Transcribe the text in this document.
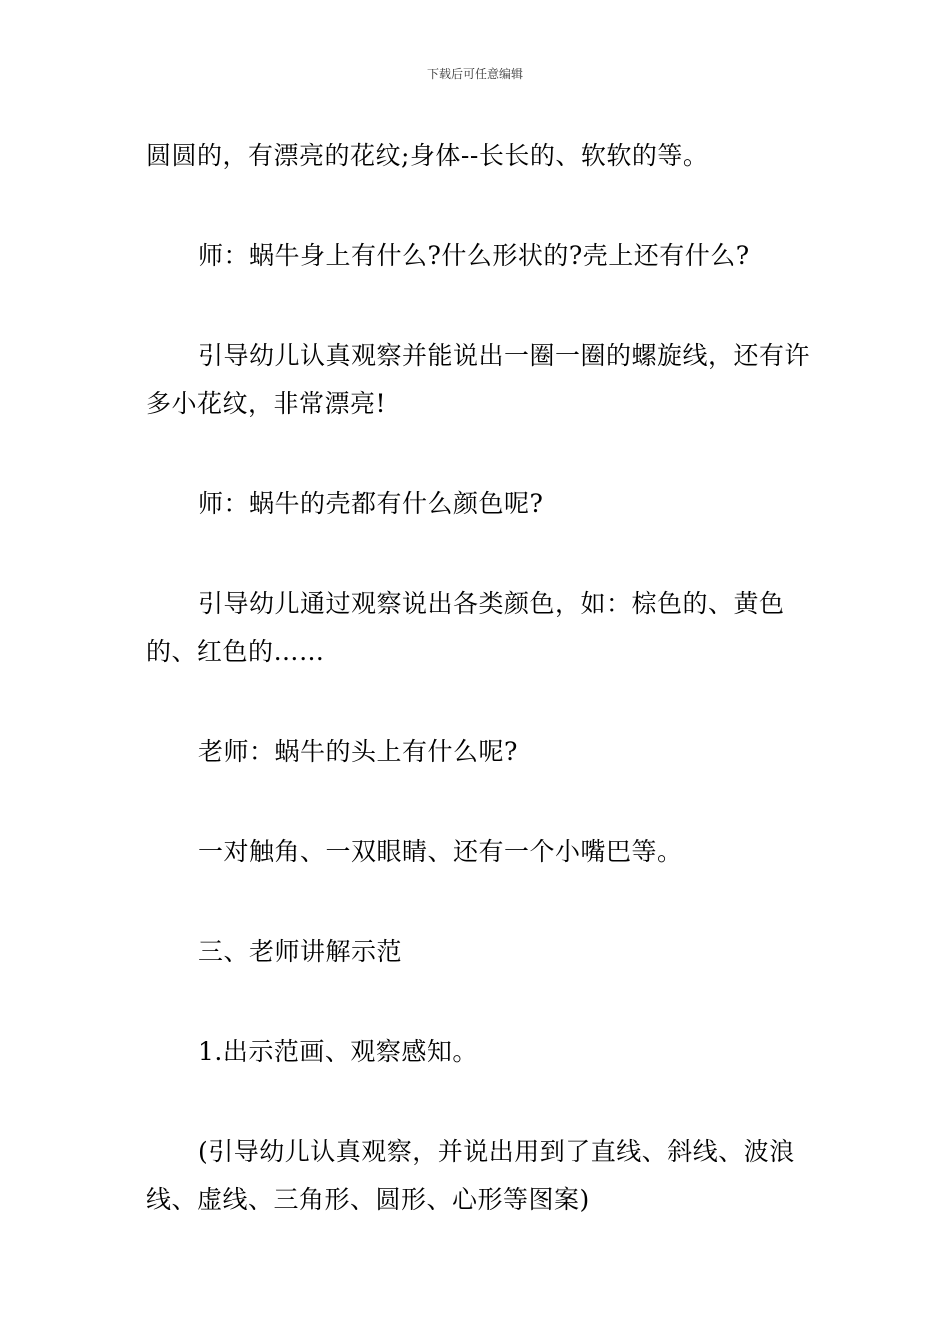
下载后可任意编辑

圆圆的，有漂亮的花纹;身体--长长的、软软的等。

师：蜗牛身上有什么?什么形状的?壳上还有什么?

引导幼儿认真观察并能说出一圈一圈的螺旋线，还有许多小花纹，非常漂亮!

师：蜗牛的壳都有什么颜色呢?

引导幼儿通过观察说出各类颜色，如：棕色的、黄色的、红色的……

老师：蜗牛的头上有什么呢?

一对触角、一双眼睛、还有一个小嘴巴等。

三、老师讲解示范

1.出示范画、观察感知。

(引导幼儿认真观察，并说出用到了直线、斜线、波浪线、虚线、三角形、圆形、心形等图案)
